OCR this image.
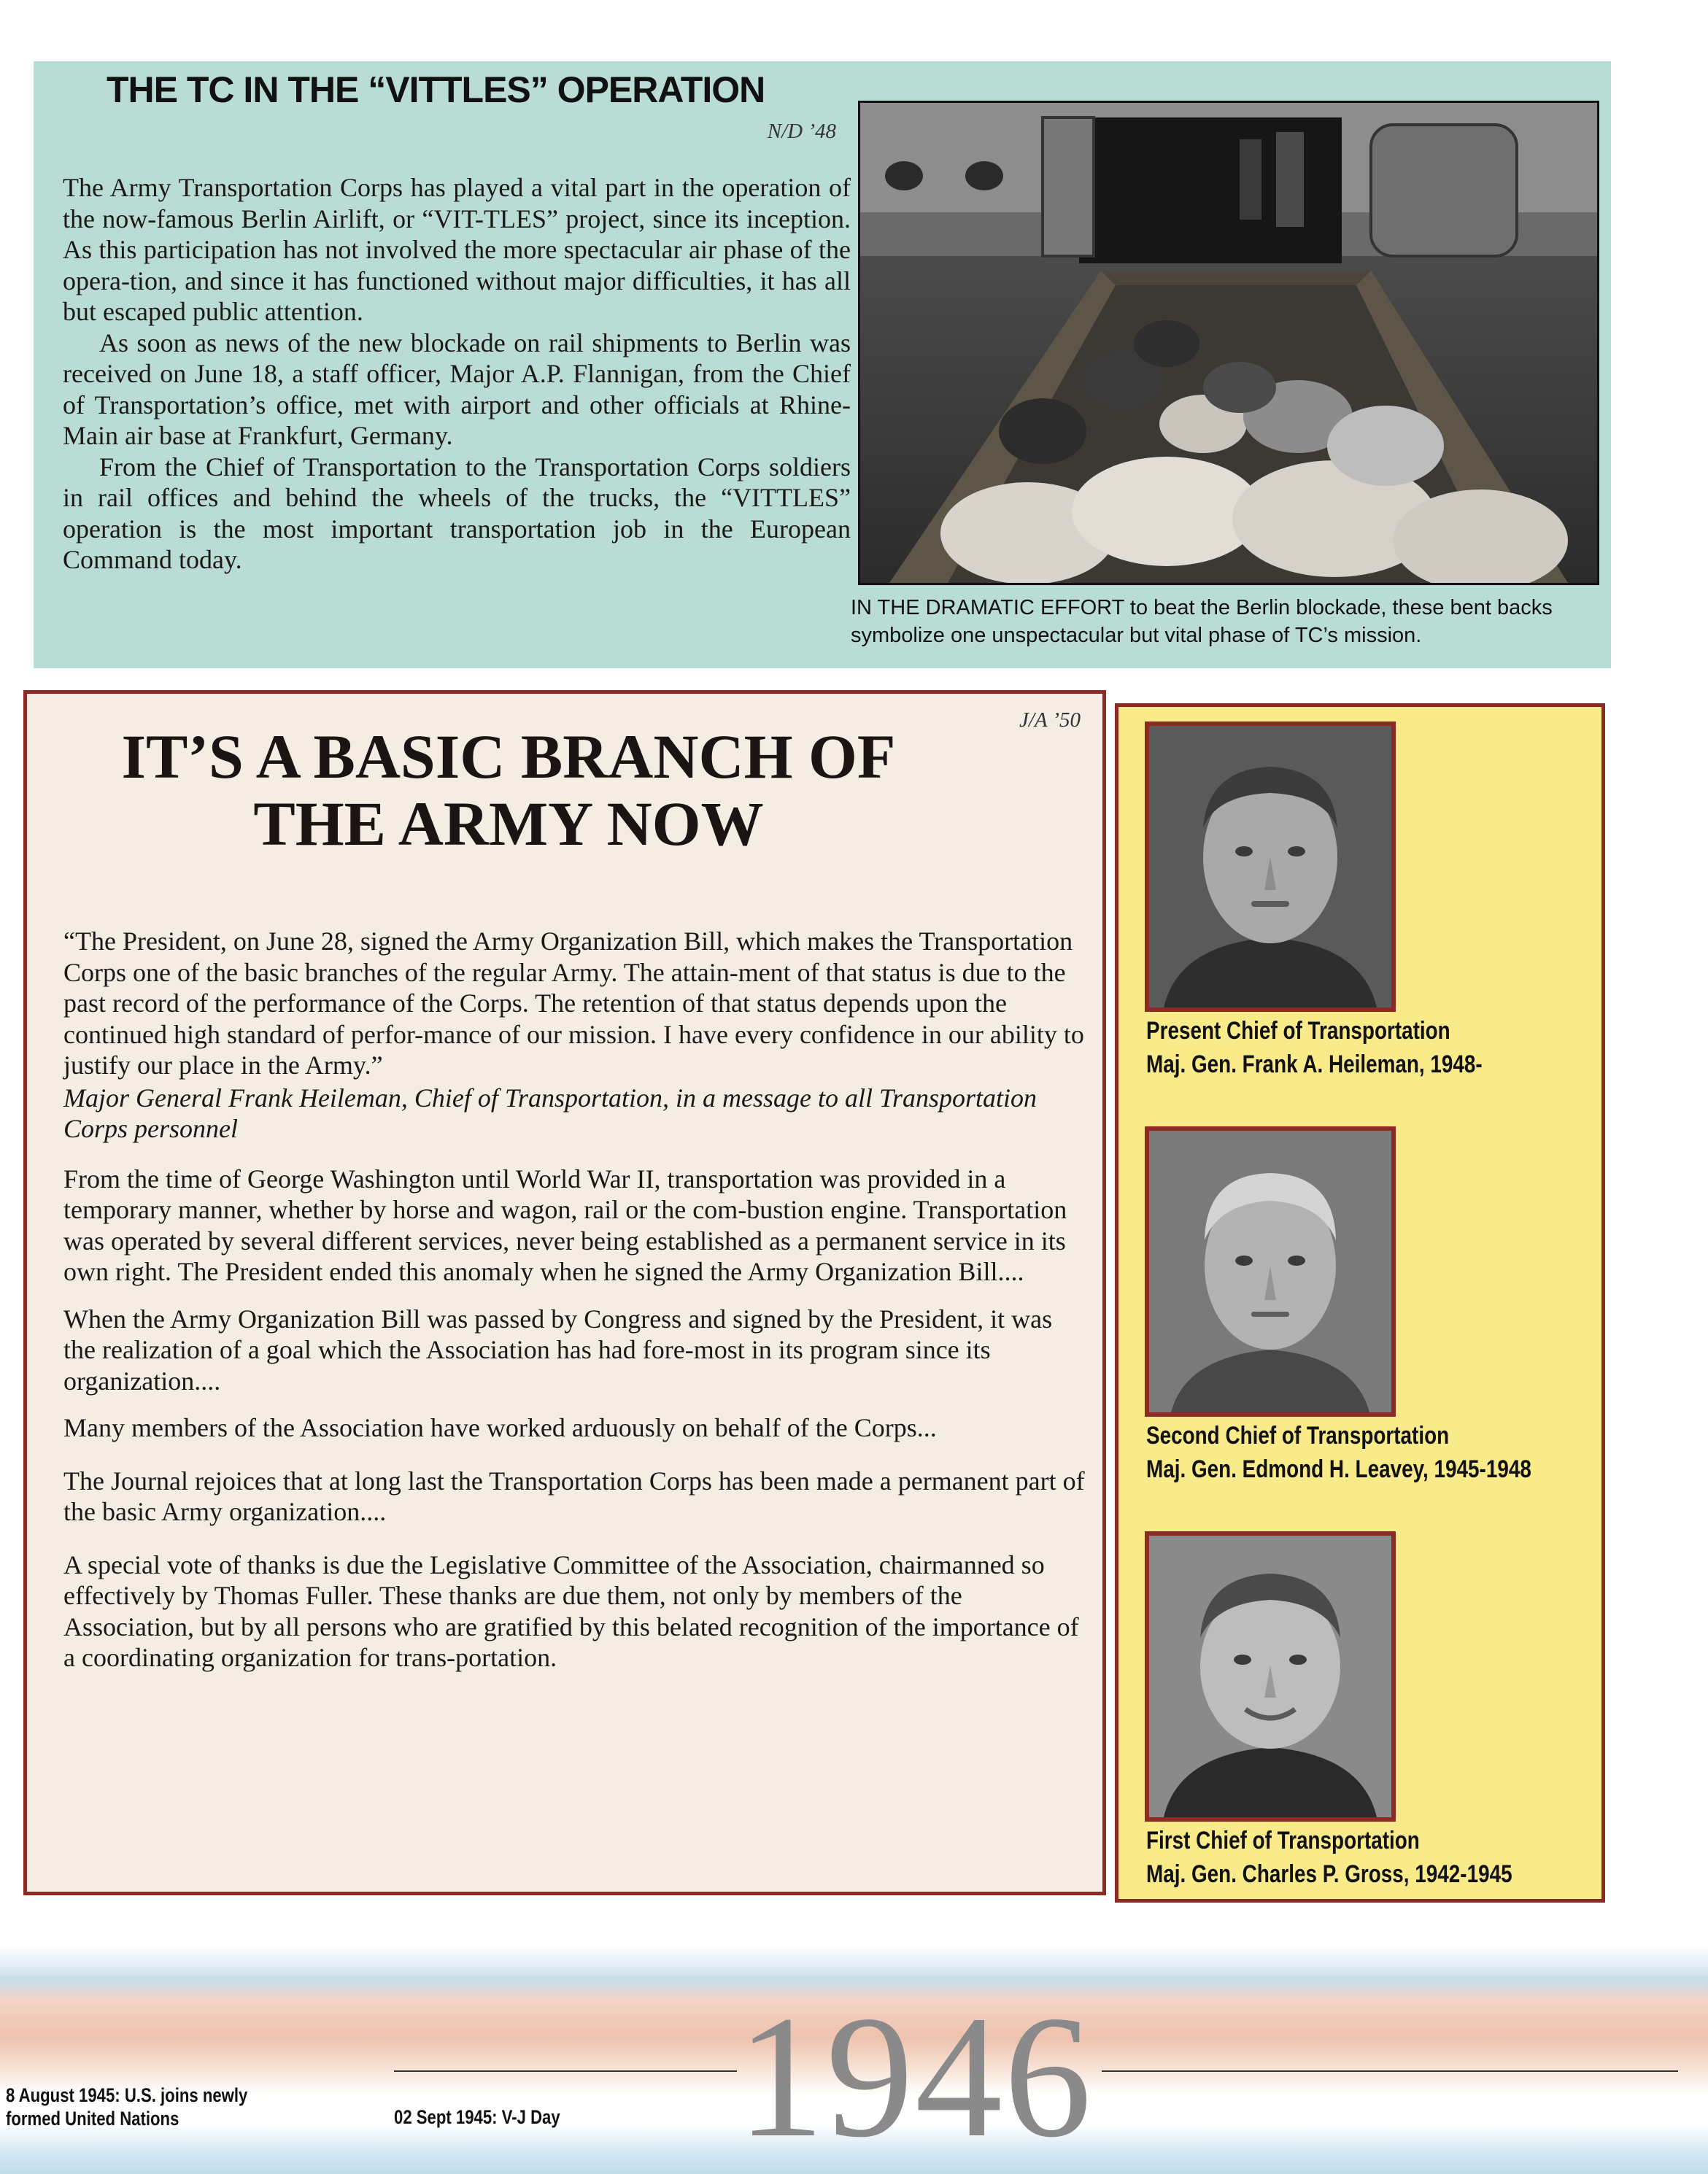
THE TC IN THE “VITTLES” OPERATION
N/D ’48

The Army Transportation Corps has played a vital part in the operation of the now-famous Berlin Airlift, or “VIT-TLES” project, since its inception. As this participation has not involved the more spectacular air phase of the opera-tion, and since it has functioned without major difficulties, it has all but escaped public attention.

As soon as news of the new blockade on rail shipments to Berlin was received on June 18, a staff officer, Major A.P. Flannigan, from the Chief of Transportation’s office, met with airport and other officials at Rhine-Main air base at Frankfurt, Germany.

From the Chief of Transportation to the Transportation Corps soldiers in rail offices and behind the wheels of the trucks, the “VITTLES” operation is the most important transportation job in the European Command today.

IN THE DRAMATIC EFFORT to beat the Berlin blockade, these bent backs symbolize one unspectacular but vital phase of TC’s mission.
J/A ’50
IT’S A BASIC BRANCH OF
THE ARMY NOW

“The President, on June 28, signed the Army Organization Bill, which makes the Transportation Corps one of the basic branches of the regular Army. The attain-ment of that status is due to the past record of the performance of the Corps. The retention of that status depends upon the continued high standard of perfor-mance of our mission. I have every confidence in our ability to justify our place in the Army.”

Major General Frank Heileman, Chief of Transportation, in a message to all Transportation Corps personnel

From the time of George Washington until World War II, transportation was provided in a temporary manner, whether by horse and wagon, rail or the com-bustion engine. Transportation was operated by several different services, never being established as a permanent service in its own right. The President ended this anomaly when he signed the Army Organization Bill....

When the Army Organization Bill was passed by Congress and signed by the President, it was the realization of a goal which the Association has had fore-most in its program since its organization....

Many members of the Association have worked arduously on behalf of the Corps...

The Journal rejoices that at long last the Transportation Corps has been made a permanent part of the basic Army organization....

A special vote of thanks is due the Legislative Committee of the Association, chairmanned so effectively by Thomas Fuller. These thanks are due them, not only by members of the Association, but by all persons who are gratified by this belated recognition of the importance of a coordinating organization for trans-portation.

Present Chief of Transportation
Maj. Gen. Frank A. Heileman, 1948-
Second Chief of Transportation
Maj. Gen. Edmond H. Leavey, 1945-1948
First Chief of Transportation
Maj. Gen. Charles P. Gross, 1942-1945
1946
8 August 1945: U.S. joins newly
formed United Nations	02 Sept 1945: V-J Day
